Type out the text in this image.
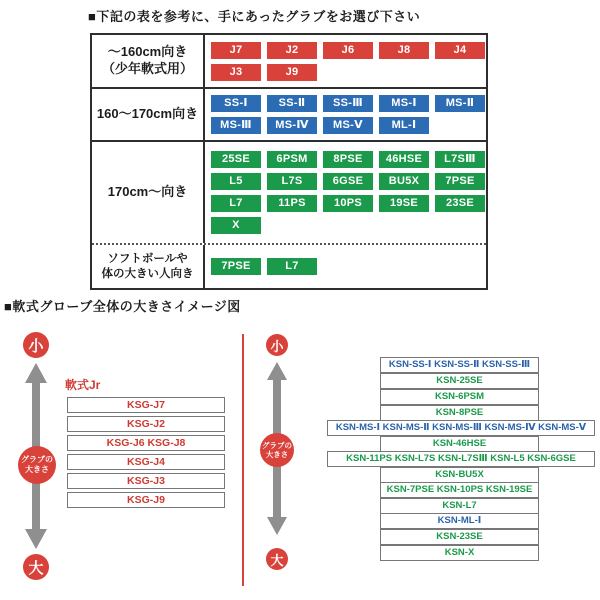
■下記の表を参考に、手にあったグラブをお選び下さい
～160cm向き
（少年軟式用）
J7	J2	J6	J8	J4
J3	J9
160～170cm向き
SS-Ⅰ	SS-Ⅱ	SS-Ⅲ	MS-Ⅰ	MS-Ⅱ
MS-Ⅲ	MS-Ⅳ	MS-Ⅴ	ML-Ⅰ
170cm～向き
25SE	6PSM	8PSE	46HSE	L7SⅢ
L5	L7S	6GSE	BU5X	7PSE
L7	11PS	10PS	19SE	23SE
X
ソフトボールや
体の大きい人向き
7PSE	L7
■軟式グローブ全体の大きさイメージ図
小
グラブの
大きさ
大
軟式Jr
KSG-J7
KSG-J2
KSG-J6 KSG-J8
KSG-J4
KSG-J3
KSG-J9
小
グラブの
大きさ
大
KSN-SS-Ⅰ KSN-SS-Ⅱ KSN-SS-Ⅲ
KSN-25SE
KSN-6PSM
KSN-8PSE
KSN-MS-Ⅰ KSN-MS-Ⅱ KSN-MS-Ⅲ KSN-MS-Ⅳ KSN-MS-Ⅴ
KSN-46HSE
KSN-11PS KSN-L7S KSN-L7SⅢ KSN-L5 KSN-6GSE
KSN-BU5X
KSN-7PSE KSN-10PS KSN-19SE
KSN-L7
KSN-ML-Ⅰ
KSN-23SE
KSN-X
